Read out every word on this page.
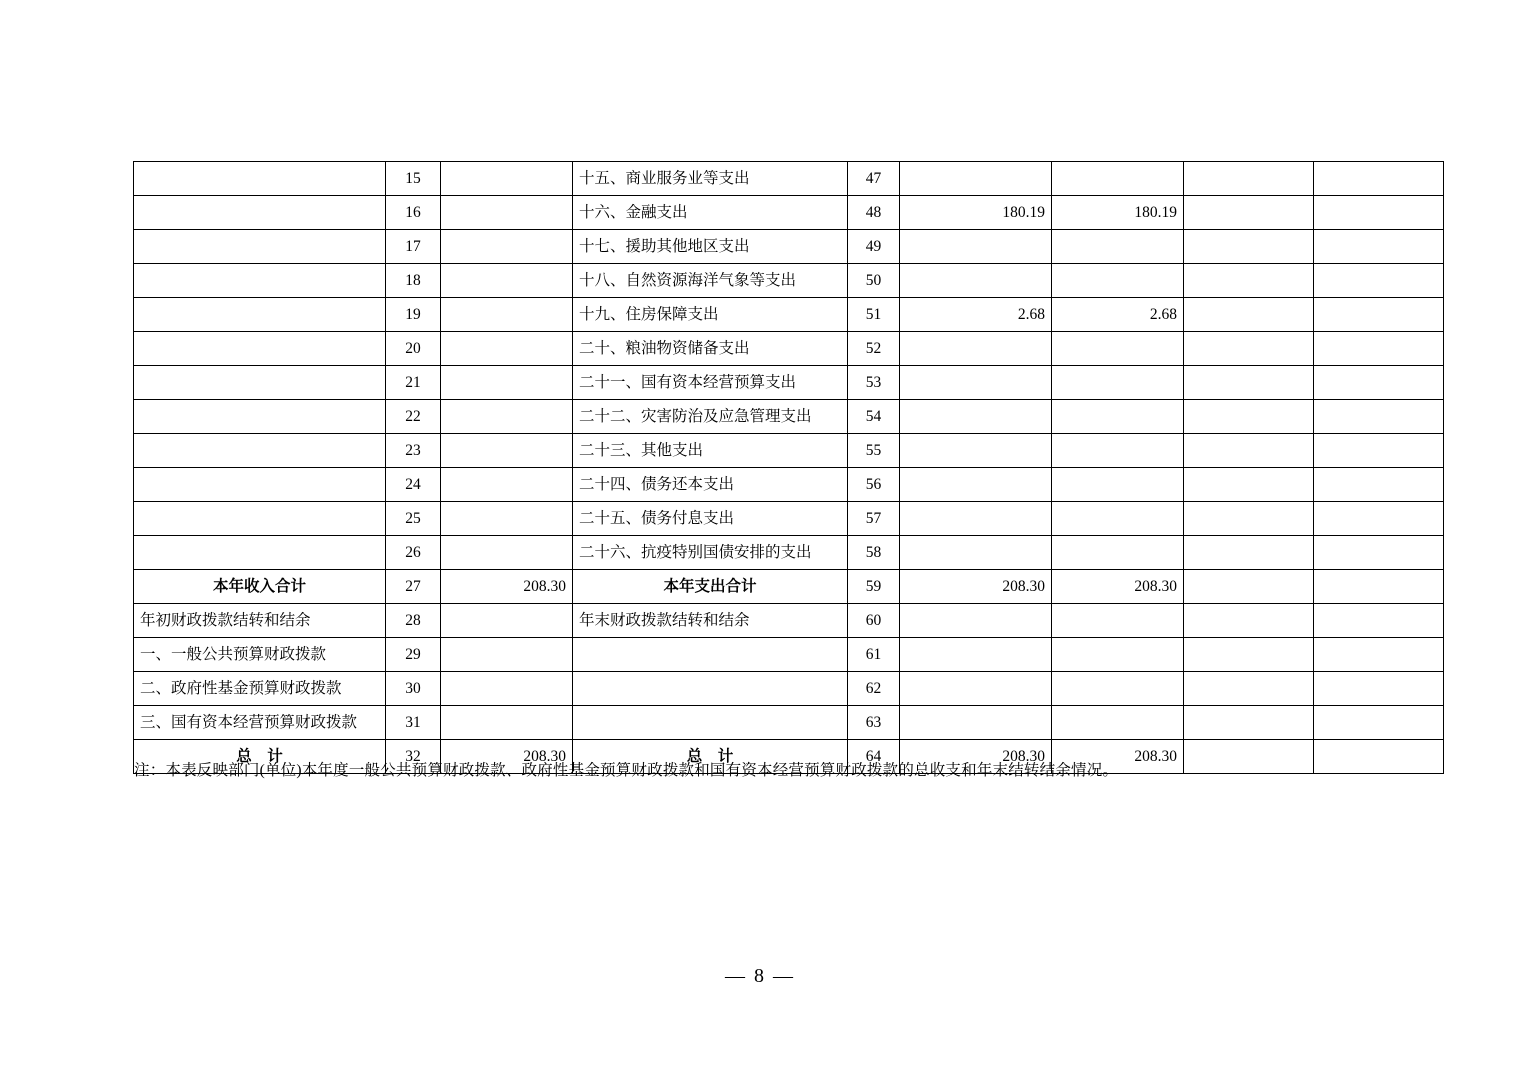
	15		十五、商业服务业等支出	47				
	16		十六、金融支出	48	180.19	180.19		
	17		十七、援助其他地区支出	49				
	18		十八、自然资源海洋气象等支出	50				
	19		十九、住房保障支出	51	2.68	2.68		
	20		二十、粮油物资储备支出	52				
	21		二十一、国有资本经营预算支出	53				
	22		二十二、灾害防治及应急管理支出	54				
	23		二十三、其他支出	55				
	24		二十四、债务还本支出	56				
	25		二十五、债务付息支出	57				
	26		二十六、抗疫特别国债安排的支出	58				
本年收入合计	27	208.30	本年支出合计	59	208.30	208.30		
年初财政拨款结转和结余	28		年末财政拨款结转和结余	60				
一、一般公共预算财政拨款	29			61				
二、政府性基金预算财政拨款	30			62				
三、国有资本经营预算财政拨款	31			63				
总　计	32	208.30	总　计	64	208.30	208.30		
注：本表反映部门(单位)本年度一般公共预算财政拨款、政府性基金预算财政拨款和国有资本经营预算财政拨款的总收支和年末结转结余情况。
— 8 —
